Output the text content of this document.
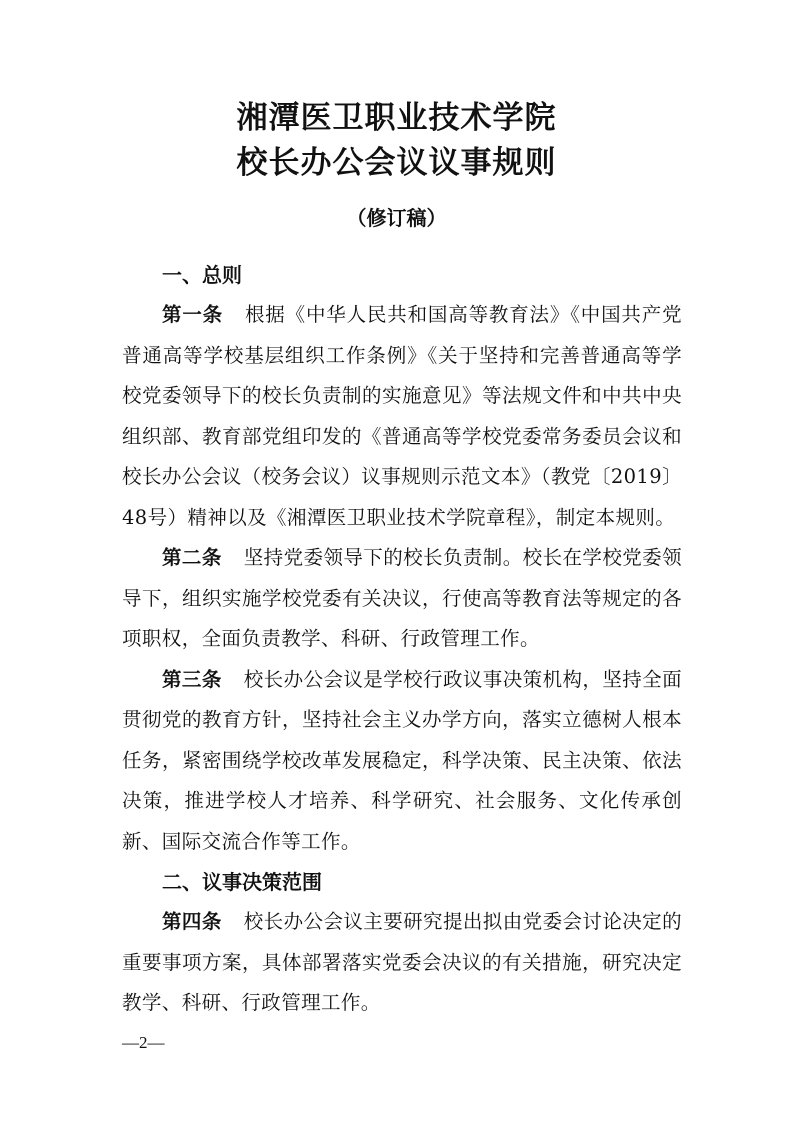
湘潭医卫职业技术学院
校长办公会议议事规则
（修订稿）

一、总则

第一条 根据《中华人民共和国高等教育法》《中国共产党普通高等学校基层组织工作条例》《关于坚持和完善普通高等学校党委领导下的校长负责制的实施意见》等法规文件和中共中央组织部、教育部党组印发的《普通高等学校党委常务委员会议和校长办公会议（校务会议）议事规则示范文本》（教党〔2019〕48号）精神以及《湘潭医卫职业技术学院章程》，制定本规则。

第二条 坚持党委领导下的校长负责制。校长在学校党委领导下，组织实施学校党委有关决议，行使高等教育法等规定的各项职权，全面负责教学、科研、行政管理工作。

第三条 校长办公会议是学校行政议事决策机构，坚持全面贯彻党的教育方针，坚持社会主义办学方向，落实立德树人根本任务，紧密围绕学校改革发展稳定，科学决策、民主决策、依法决策，推进学校人才培养、科学研究、社会服务、文化传承创新、国际交流合作等工作。

二、议事决策范围

第四条 校长办公会议主要研究提出拟由党委会讨论决定的重要事项方案，具体部署落实党委会决议的有关措施，研究决定教学、科研、行政管理工作。

—2—
